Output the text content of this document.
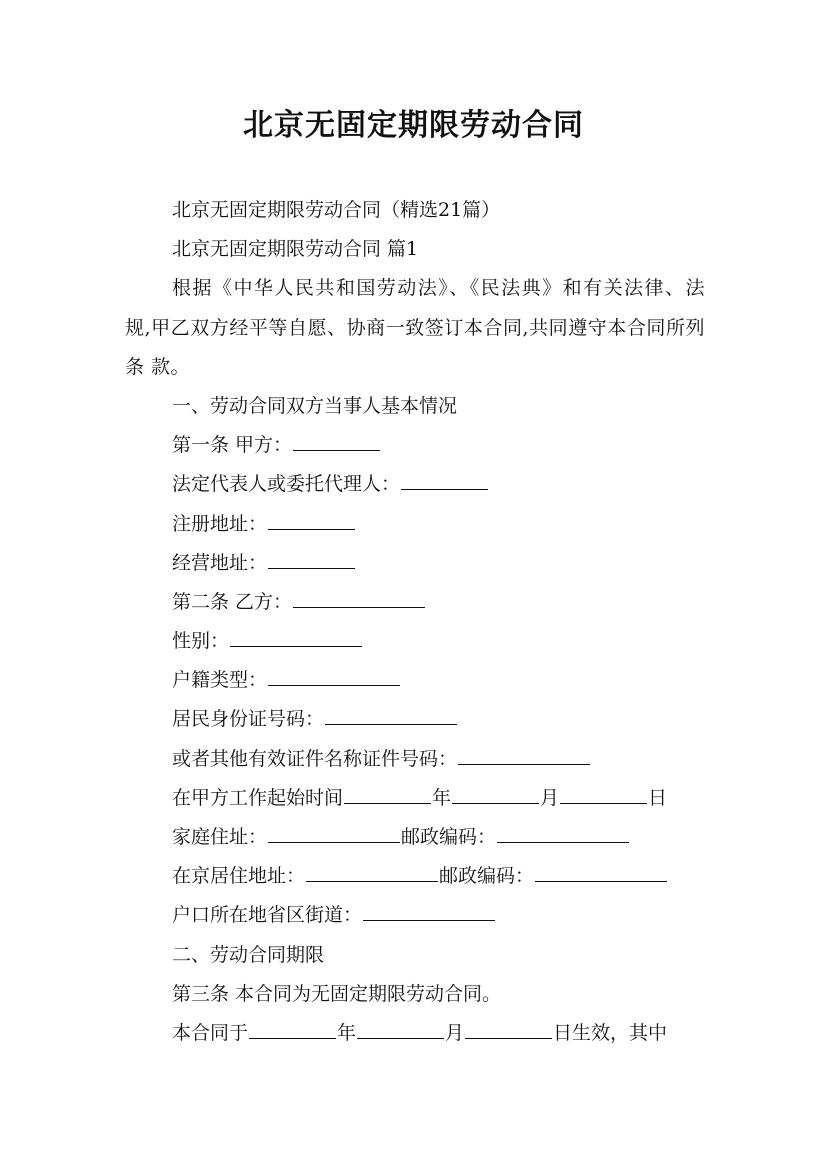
北京无固定期限劳动合同
北京无固定期限劳动合同（精选21篇）
北京无固定期限劳动合同 篇1
根据《中华人民共和国劳动法》、《民法典》和有关法律、法规,甲乙双方经平等自愿、协商一致签订本合同,共同遵守本合同所列条 款。
一、劳动合同双方当事人基本情况
第一条 甲方：
法定代表人或委托代理人：
注册地址：
经营地址：
第二条 乙方：
性别：
户籍类型：
居民身份证号码：
或者其他有效证件名称证件号码：
在甲方工作起始时间	年	月	日
家庭住址：	邮政编码：
在京居住地址：	邮政编码：
户口所在地省区街道：
二、劳动合同期限
第三条 本合同为无固定期限劳动合同。
本合同于	年	月	日生效，其中
